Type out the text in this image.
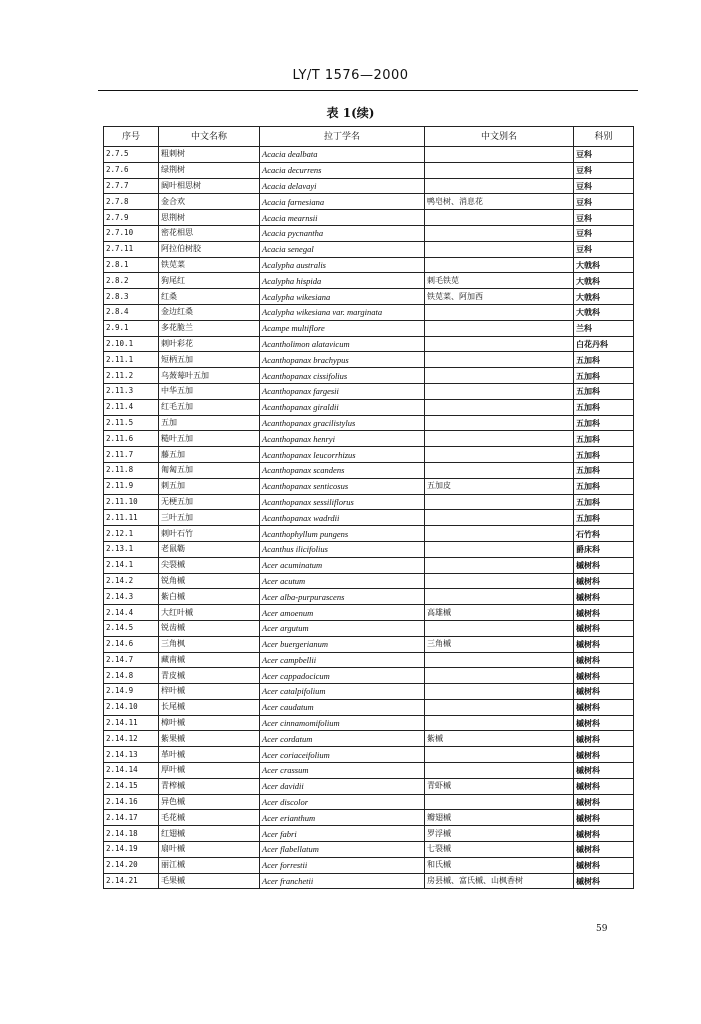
LY/T 1576—2000
表 1(续)
序号	中文名称	拉丁学名	中文别名	科别
2.7.5	粗刺树	Acacia dealbata		豆科
2.7.6	绿荆树	Acacia decurrens		豆科
2.7.7	阔叶相思树	Acacia delavayi		豆科
2.7.8	金合欢	Acacia farnesiana	鸭皂树、消息花	豆科
2.7.9	思荆树	Acacia mearnsii		豆科
2.7.10	密花相思	Acacia pycnantha		豆科
2.7.11	阿拉伯树胶	Acacia senegal		豆科
2.8.1	铁苋菜	Acalypha australis		大戟科
2.8.2	狗尾红	Acalypha hispida	刺毛铁苋	大戟科
2.8.3	红桑	Acalypha wikesiana	铁苋菜、阿加西	大戟科
2.8.4	金边红桑	Acalypha wikesiana var. marginata		大戟科
2.9.1	多花脆兰	Acampe multiflore		兰科
2.10.1	刺叶彩花	Acantholimon alatavicum		白花丹科
2.11.1	短柄五加	Acanthopanax brachypus		五加科
2.11.2	乌蔹莓叶五加	Acanthopanax cissifolius		五加科
2.11.3	中华五加	Acanthopanax fargesii		五加科
2.11.4	红毛五加	Acanthopanax giraldii		五加科
2.11.5	五加	Acanthopanax gracilistylus		五加科
2.11.6	糙叶五加	Acanthopanax henryi		五加科
2.11.7	藤五加	Acanthopanax leucorrhizus		五加科
2.11.8	匍匐五加	Acanthopanax scandens		五加科
2.11.9	刺五加	Acanthopanax senticosus	五加皮	五加科
2.11.10	无梗五加	Acanthopanax sessiliflorus		五加科
2.11.11	三叶五加	Acanthopanax wadrdii		五加科
2.12.1	刺叶石竹	Acanthophyllum pungens		石竹科
2.13.1	老鼠簕	Acanthus ilicifolius		爵床科
2.14.1	尖裂槭	Acer acuminatum		槭树科
2.14.2	锐角槭	Acer acutum		槭树科
2.14.3	紫白槭	Acer alba-purpurascens		槭树科
2.14.4	大红叶槭	Acer amoenum	高雄槭	槭树科
2.14.5	锐齿槭	Acer argutum		槭树科
2.14.6	三角枫	Acer buergerianum	三角槭	槭树科
2.14.7	藏南槭	Acer campbellii		槭树科
2.14.8	青皮槭	Acer cappadocicum		槭树科
2.14.9	梓叶槭	Acer catalpifolium		槭树科
2.14.10	长尾槭	Acer caudatum		槭树科
2.14.11	樟叶槭	Acer cinnamomifolium		槭树科
2.14.12	紫果槭	Acer cordatum	紫槭	槭树科
2.14.13	革叶槭	Acer coriaceifolium		槭树科
2.14.14	厚叶槭	Acer crassum		槭树科
2.14.15	青榨槭	Acer davidii	青虾槭	槭树科
2.14.16	异色槭	Acer discolor		槭树科
2.14.17	毛花槭	Acer erianthum	瓣翅槭	槭树科
2.14.18	红翅槭	Acer fabri	罗浮槭	槭树科
2.14.19	扇叶槭	Acer flabellatum	七裂槭	槭树科
2.14.20	丽江槭	Acer forrestii	和氏槭	槭树科
2.14.21	毛果槭	Acer franchetii	房县槭、富氏槭、山枫香树	槭树科
59
